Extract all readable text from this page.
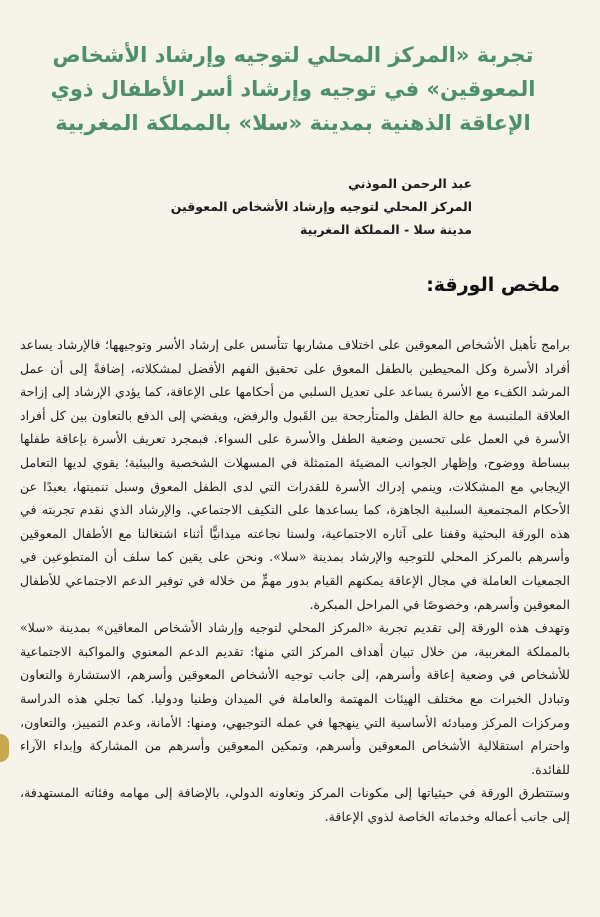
تجربة «المركز المحلي لتوجيه وإرشاد الأشخاص المعوقين» في توجيه وإرشاد أسر الأطفال ذوي الإعاقة الذهنية بمدينة «سلا» بالمملكة المغربية
عبد الرحمن الموذني
المركز المحلي لتوجيه وإرشاد الأشخاص المعوقين
مدينة سلا - المملكة المغربية
ملخص الورقة:

برامج تأهيل الأشخاص المعوقين على اختلاف مشاربها تتأسس على إرشاد الأسر وتوجيهها؛ فالإرشاد يساعد أفراد الأسرة وكل المحيطين بالطفل المعوق على تحقيق الفهم الأفضل لمشكلاته، إضافةً إلى أن عمل المرشد الكفء مع الأسرة يساعد على تعديل السلبي من أحكامها على الإعاقة، كما يؤدي الإرشاد إلى إزاحة العلاقة الملتبسة مع حالة الطفل والمتأرجحة بين القَبول والرفض، ويفضي إلى الدفع بالتعاون بين كل أفراد الأسرة في العمل على تحسين وضعية الطفل والأسرة على السواء. فبمجرد تعريف الأسرة بإعاقة طفلها ببساطة ووضوح، وإظهار الجوانب المضيئة المتمثلة في المسهلات الشخصية والبيئية؛ يقوي لديها التعامل الإيجابي مع المشكلات، وينمي إدراك الأسرة للقدرات التي لدى الطفل المعوق وسبل تنميتها، بعيدًا عن الأحكام المجتمعية السلبية الجاهزة، كما يساعدها على التكيف الاجتماعي. والإرشاد الذي نقدم تجربته في هذه الورقة البحثية وقفنا على آثاره الاجتماعية، ولسنا نجاعته ميدانيًّا أثناء اشتغالنا مع الأطفال المعوقين وأسرهم بالمركز المحلي للتوجيه والإرشاد بمدينة «سلا». ونحن على يقين كما سلف أن المتطوعين في الجمعيات العاملة في مجال الإعاقة يمكنهم القيام بدور مهمٍّ من خلاله في توفير الدعم الاجتماعي للأطفال المعوقين وأسرهم، وخصوصًا في المراحل المبكرة.

وتهدف هذه الورقة إلى تقديم تجربة «المركز المحلي لتوجيه وإرشاد الأشخاص المعاقين» بمدينة «سلا» بالمملكة المغربية، من خلال تبيان أهداف المركز التي منها: تقديم الدعم المعنوي والمواكبة الاجتماعية للأشخاص في وضعية إعاقة وأسرهم، إلى جانب توجيه الأشخاص المعوقين وأسرهم، الاستشارة والتعاون وتبادل الخبرات مع مختلف الهيئات المهتمة والعاملة في الميدان وطنيا ودوليا. كما تجلي هذه الدراسة ومركزات المركز ومبادئه الأساسية التي ينهجها في عمله التوجيهي، ومنها: الأمانة، وعدم التمييز، والتعاون، واحترام استقلالية الأشخاص المعوقين وأسرهم، وتمكين المعوقين وأسرهم من المشاركة وإبداء الآراء للفائدة.

وستتطرق الورقة في حيثياتها إلى مكونات المركز وتعاونه الدولي، بالإضافة إلى مهامه وفئاته المستهدفة، إلى جانب أعماله وخدماته الخاصة لذوي الإعاقة.
